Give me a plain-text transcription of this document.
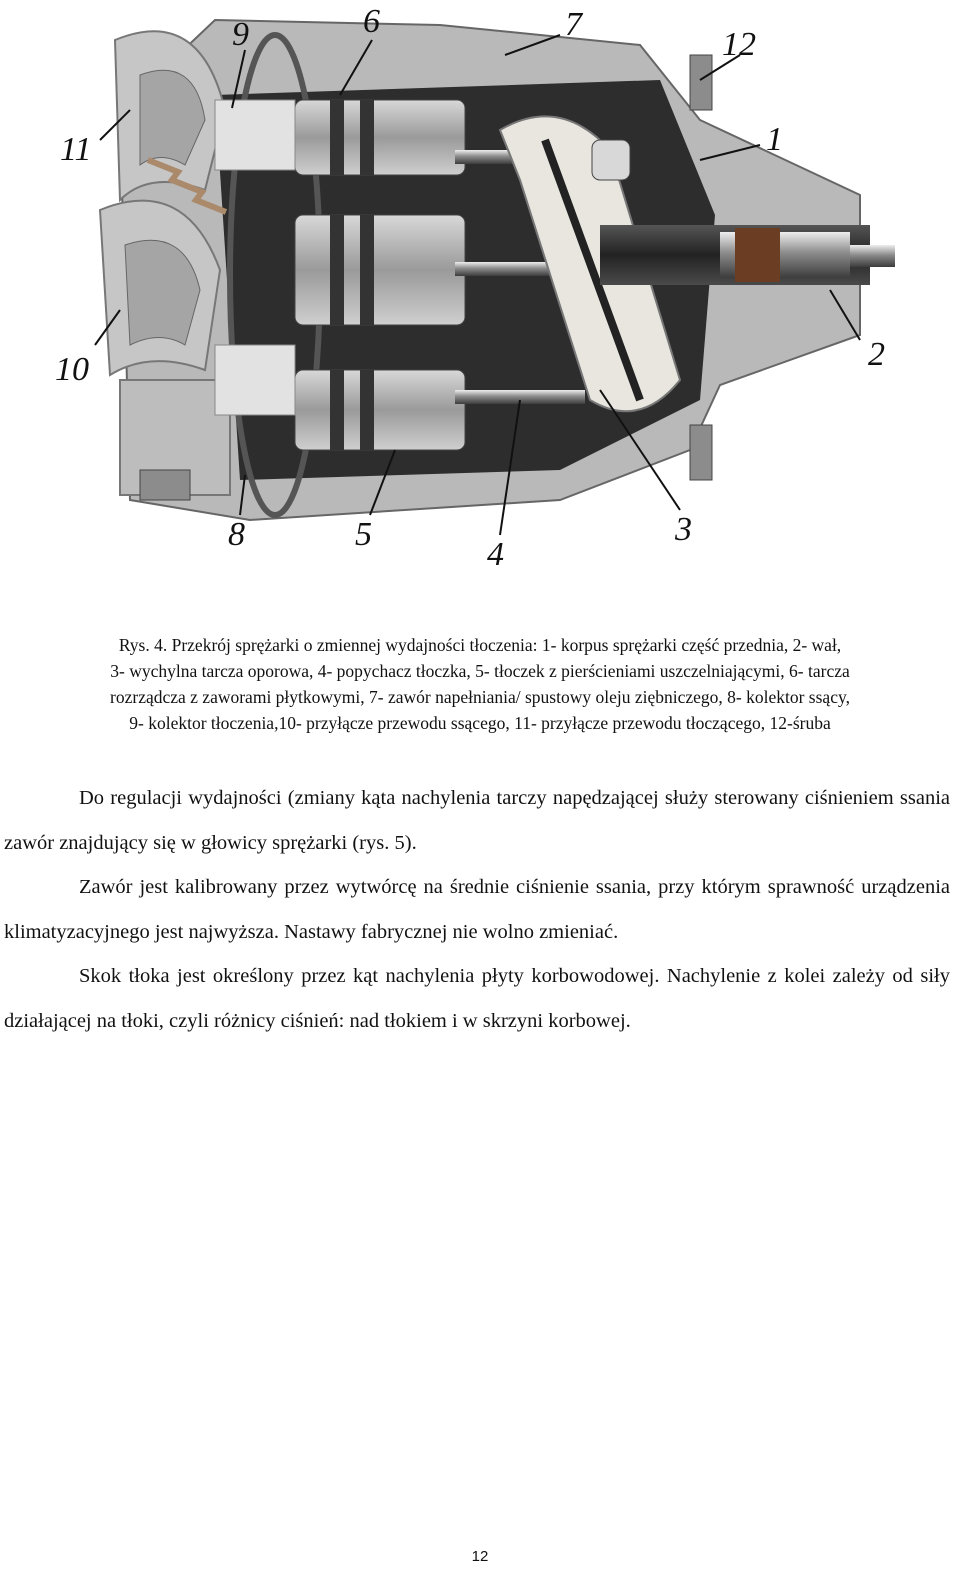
9	6	7
12
1
2
3
4
5
8
10
11
Rys. 4. Przekrój sprężarki o zmiennej wydajności tłoczenia: 1- korpus sprężarki część przednia, 2- wał,
3- wychylna tarcza oporowa, 4- popychacz tłoczka, 5- tłoczek z pierścieniami uszczelniającymi, 6- tarcza
rozrządcza z zaworami płytkowymi, 7- zawór napełniania/ spustowy oleju ziębniczego, 8- kolektor ssący,
9- kolektor tłoczenia,10- przyłącze przewodu ssącego, 11- przyłącze przewodu tłoczącego, 12-śruba

Do regulacji wydajności (zmiany kąta nachylenia tarczy napędzającej służy sterowany ciśnieniem ssania zawór znajdujący się w głowicy sprężarki (rys. 5).

Zawór jest kalibrowany przez wytwórcę na średnie ciśnienie ssania, przy którym sprawność urządzenia klimatyzacyjnego jest najwyższa. Nastawy fabrycznej nie wolno zmieniać.

Skok tłoka jest określony przez kąt nachylenia płyty korbowodowej. Nachylenie z kolei zależy od siły działającej na tłoki, czyli różnicy ciśnień: nad tłokiem i w skrzyni korbowej.

12
